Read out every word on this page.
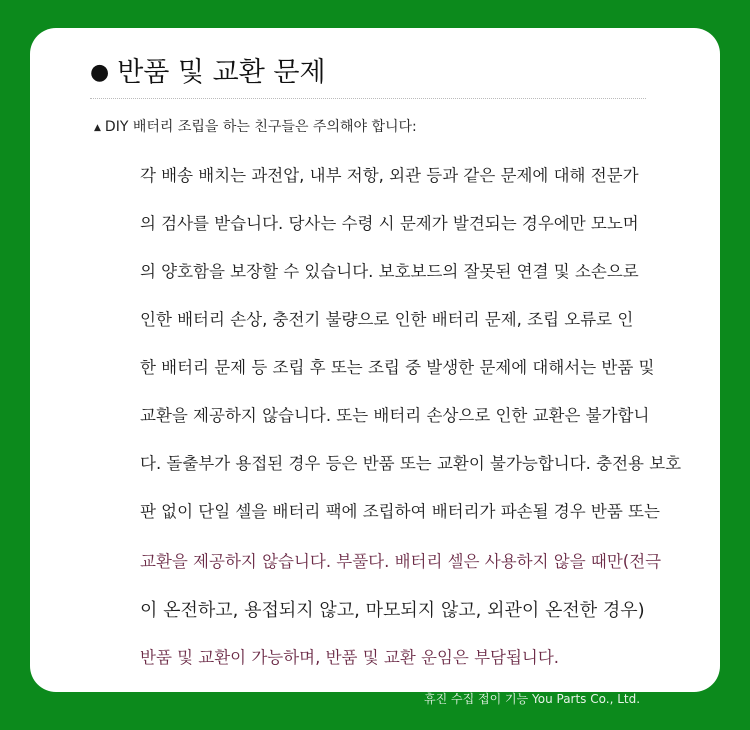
● 반품 및 교환 문제
▲ DIY 배터리 조립을 하는 친구들은 주의해야 합니다:
각 배송 배치는 과전압, 내부 저항, 외관 등과 같은 문제에 대해 전문가
의 검사를 받습니다. 당사는 수령 시 문제가 발견되는 경우에만 모노머
의 양호함을 보장할 수 있습니다. 보호보드의 잘못된 연결 및 소손으로
인한 배터리 손상, 충전기 불량으로 인한 배터리 문제, 조립 오류로 인
한 배터리 문제 등 조립 후 또는 조립 중 발생한 문제에 대해서는 반품 및
교환을 제공하지 않습니다. 또는 배터리 손상으로 인한 교환은 불가합니
다. 돌출부가 용접된 경우 등은 반품 또는 교환이 불가능합니다. 충전용 보호
판 없이 단일 셀을 배터리 팩에 조립하여 배터리가 파손될 경우 반품 또는
교환을 제공하지 않습니다. 부풀다. 배터리 셀은 사용하지 않을 때만(전극
이 온전하고, 용접되지 않고, 마모되지 않고, 외관이 온전한 경우)
반품 및 교환이 가능하며, 반품 및 교환 운임은 부담됩니다.
휴진 수집 접이 기능 You Parts Co., Ltd.
